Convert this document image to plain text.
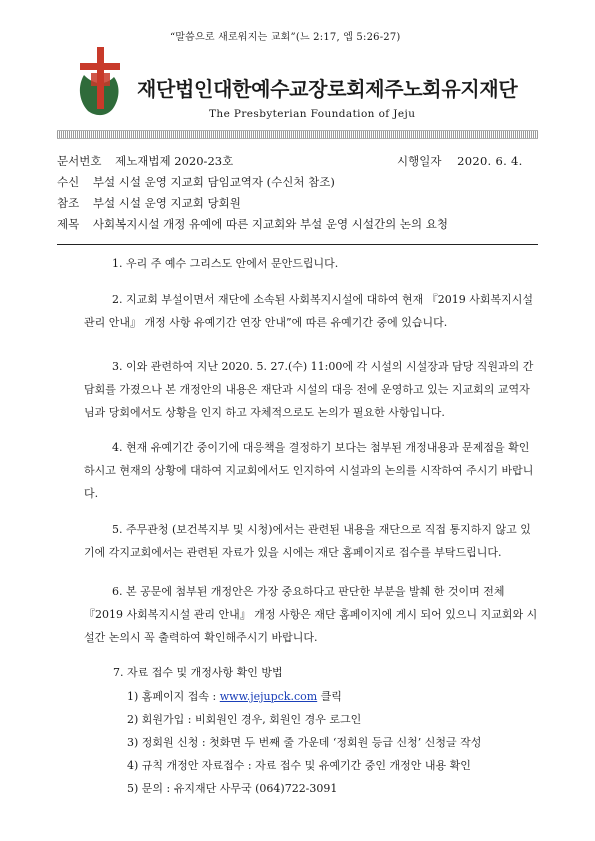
“말씀으로 새로워지는 교회”(느 2:17, 엡 5:26-27)
재단법인대한예수교장로회제주노회유지재단
The Presbyterian Foundation of Jeju
문서번호 제노재법제 2020-23호	시행일자 2020. 6. 4.
수신 부설 시설 운영 지교회 담임교역자 (수신처 참조)
참조 부설 시설 운영 지교회 당회원
제목 사회복지시설 개정 유예에 따른 지교회와 부설 운영 시설간의 논의 요청

1. 우리 주 예수 그리스도 안에서 문안드립니다.

2. 지교회 부설이면서 재단에 소속된 사회복지시설에 대하여 현재 『2019 사회복지시설 관리 안내』 개정 사항 유예기간 연장 안내”에 따른 유예기간 중에 있습니다.

3. 이와 관련하여 지난 2020. 5. 27.(수) 11:00에 각 시설의 시설장과 담당 직원과의 간담회를 가졌으나 본 개정안의 내용은 재단과 시설의 대응 전에 운영하고 있는 지교회의 교역자님과 당회에서도 상황을 인지 하고 자체적으로도 논의가 필요한 사항입니다.

4. 현재 유예기간 중이기에 대응책을 결정하기 보다는 첨부된 개정내용과 문제점을 확인하시고 현재의 상황에 대하여 지교회에서도 인지하여 시설과의 논의를 시작하여 주시기 바랍니다.

5. 주무관청 (보건복지부 및 시청)에서는 관련된 내용을 재단으로 직접 통지하지 않고 있기에 각지교회에서는 관련된 자료가 있을 시에는 재단 홈페이지로 접수를 부탁드립니다.

6. 본 공문에 첨부된 개정안은 가장 중요하다고 판단한 부분을 발췌 한 것이며 전체 『2019 사회복지시설 관리 안내』 개정 사항은 재단 홈페이지에 게시 되어 있으니 지교회와 시설간 논의시 꼭 출력하여 확인해주시기 바랍니다.

7. 자료 접수 및 개정사항 확인 방법
1) 홈페이지 접속 : www.jejupck.com 클릭
2) 회원가입 : 비회원인 경우, 회원인 경우 로그인
3) 정회원 신청 : 첫화면 두 번째 줄 가운데 ‘정회원 등급 신청’ 신청글 작성
4) 규칙 개정안 자료접수 : 자료 접수 및 유예기간 중인 개정안 내용 확인
5) 문의 : 유지재단 사무국 (064)722-3091
